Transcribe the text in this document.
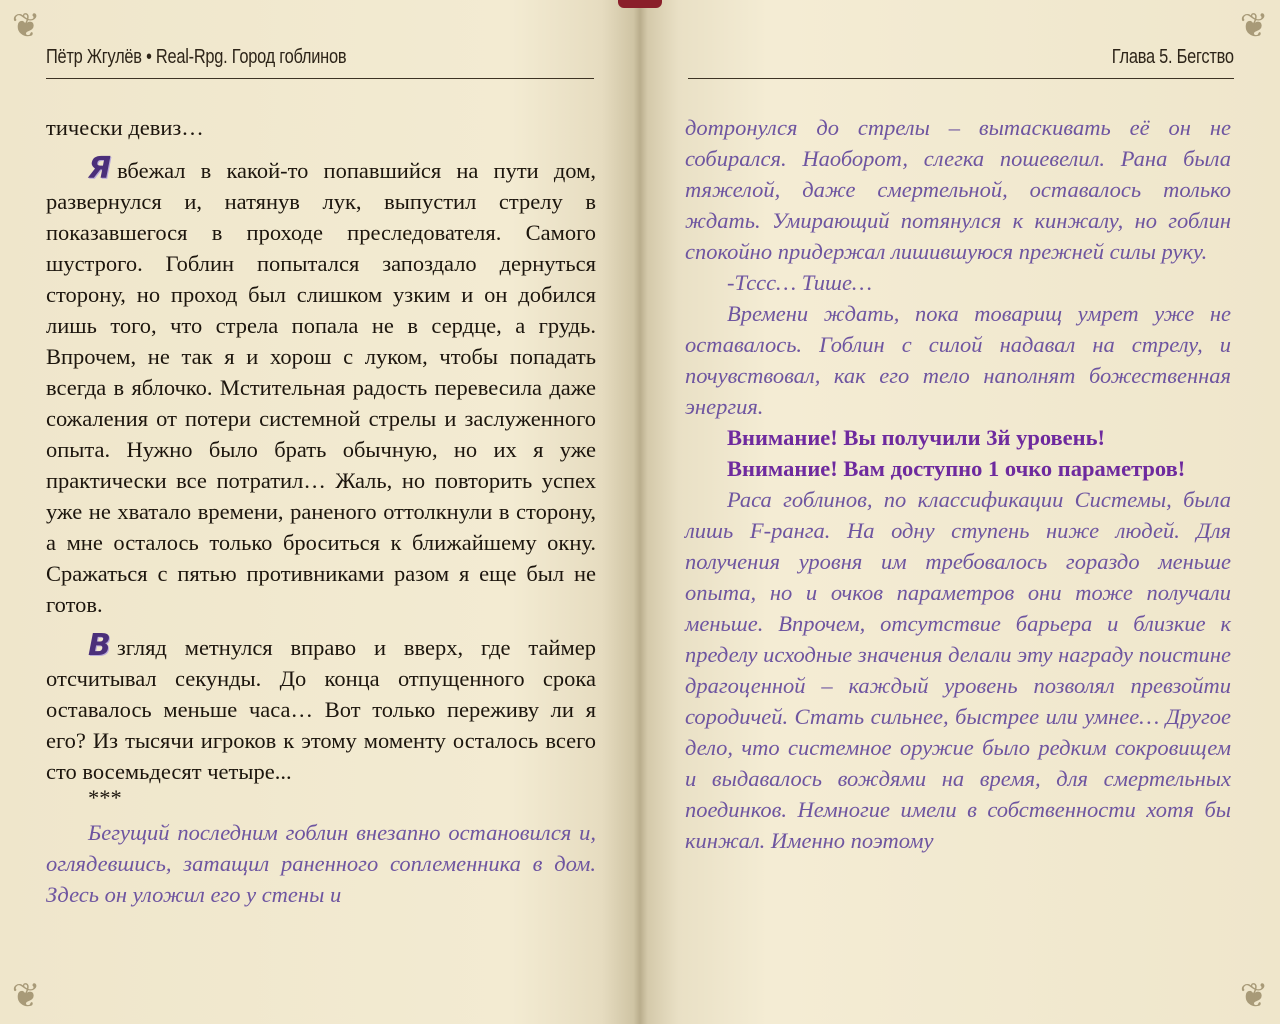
❦	❦
❦	❦
Пётр Жгулёв • Real-Rpg. Город гоблинов

тически девиз…

Я вбежал в какой-то попавшийся на пути дом, развернулся и, натянув лук, выпустил стрелу в показавшегося в проходе преследователя. Самого шустрого. Гоблин попытался запоздало дернуться сторону, но проход был слишком узким и он добился лишь того, что стрела попала не в сердце, а грудь. Впрочем, не так я и хорош с луком, чтобы попадать всегда в яблочко. Мстительная радость перевесила даже сожаления от потери системной стрелы и заслуженного опыта. Нужно было брать обычную, но их я уже практически все потратил… Жаль, но повторить успех уже не хватало времени, раненого оттолкнули в сторону, а мне осталось только броситься к ближайшему окну. Сражаться с пятью противниками разом я еще был не готов.

В згляд метнулся вправо и вверх, где таймер отсчитывал секунды. До конца отпущенного срока оставалось меньше часа… Вот только переживу ли я его? Из тысячи игроков к этому моменту осталось всего сто восемьдесят четыре...

***

Бегущий последним гоблин внезапно остановился и, оглядевшись, затащил раненного соплеменника в дом. Здесь он уложил его у стены и

Глава 5. Бегство

дотронулся до стрелы – вытаскивать её он не собирался. Наоборот, слегка пошевелил. Рана была тяжелой, даже смертельной, оставалось только ждать. Умирающий потянулся к кинжалу, но гоблин спокойно придержал лишившуюся прежней силы руку.

-Тссс… Тише…

Времени ждать, пока товарищ умрет уже не оставалось. Гоблин с силой надавал на стрелу, и почувствовал, как его тело наполнят божественная энергия.

Внимание! Вы получили 3й уровень!

Внимание! Вам доступно 1 очко параметров!

Раса гоблинов, по классификации Системы, была лишь F-ранга. На одну ступень ниже людей. Для получения уровня им требовалось гораздо меньше опыта, но и очков параметров они тоже получали меньше. Впрочем, отсутствие барьера и близкие к пределу исходные значения делали эту награду поистине драгоценной – каждый уровень позволял превзойти сородичей. Стать сильнее, быстрее или умнее… Другое дело, что системное оружие было редким сокровищем и выдавалось вождями на время, для смертельных поединков. Немногие имели в собственности хотя бы кинжал. Именно поэтому
